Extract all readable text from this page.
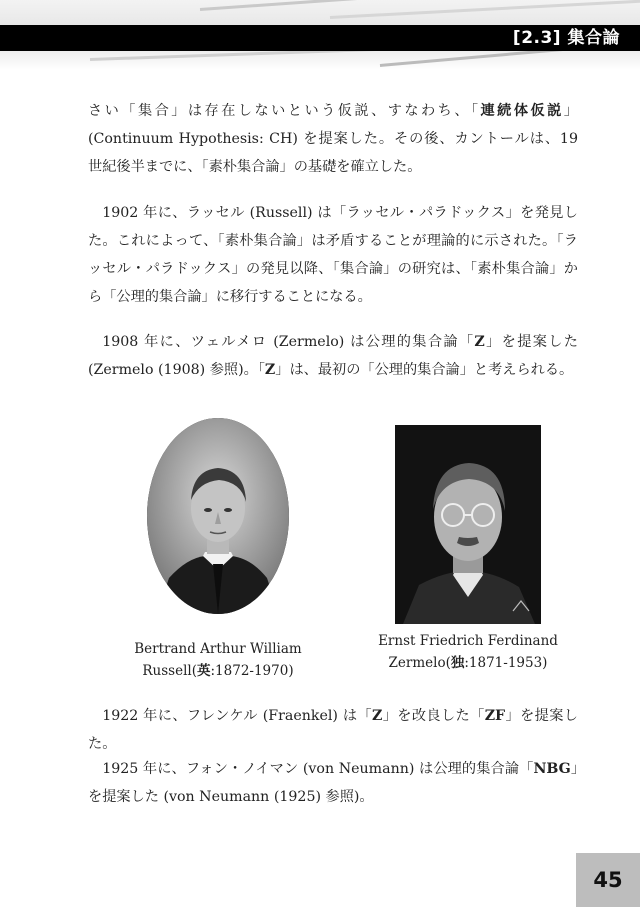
[2.3] 集合論

さい「集合」は存在しないという仮説、すなわち、「連続体仮説」(Continuum Hypothesis: CH) を提案した。その後、カントールは、19 世紀後半までに、「素朴集合論」の基礎を確立した。

1902 年に、ラッセル (Russell) は「ラッセル・パラドックス」を発見した。これによって、「素朴集合論」は矛盾することが理論的に示された。「ラッセル・パラドックス」の発見以降、「集合論」の研究は、「素朴集合論」から「公理的集合論」に移行することになる。

1908 年に、ツェルメロ (Zermelo) は公理的集合論「Z」を提案した (Zermelo (1908) 参照)。「Z」は、最初の「公理的集合論」と考えられる。

Bertrand Arthur William
Russell(英:1872-1970)
Ernst Friedrich Ferdinand
Zermelo(独:1871-1953)

1922 年に、フレンケル (Fraenkel) は「Z」を改良した「ZF」を提案した。

1925 年に、フォン・ノイマン (von Neumann) は公理的集合論「NBG」を提案した (von Neumann (1925) 参照)。

45
